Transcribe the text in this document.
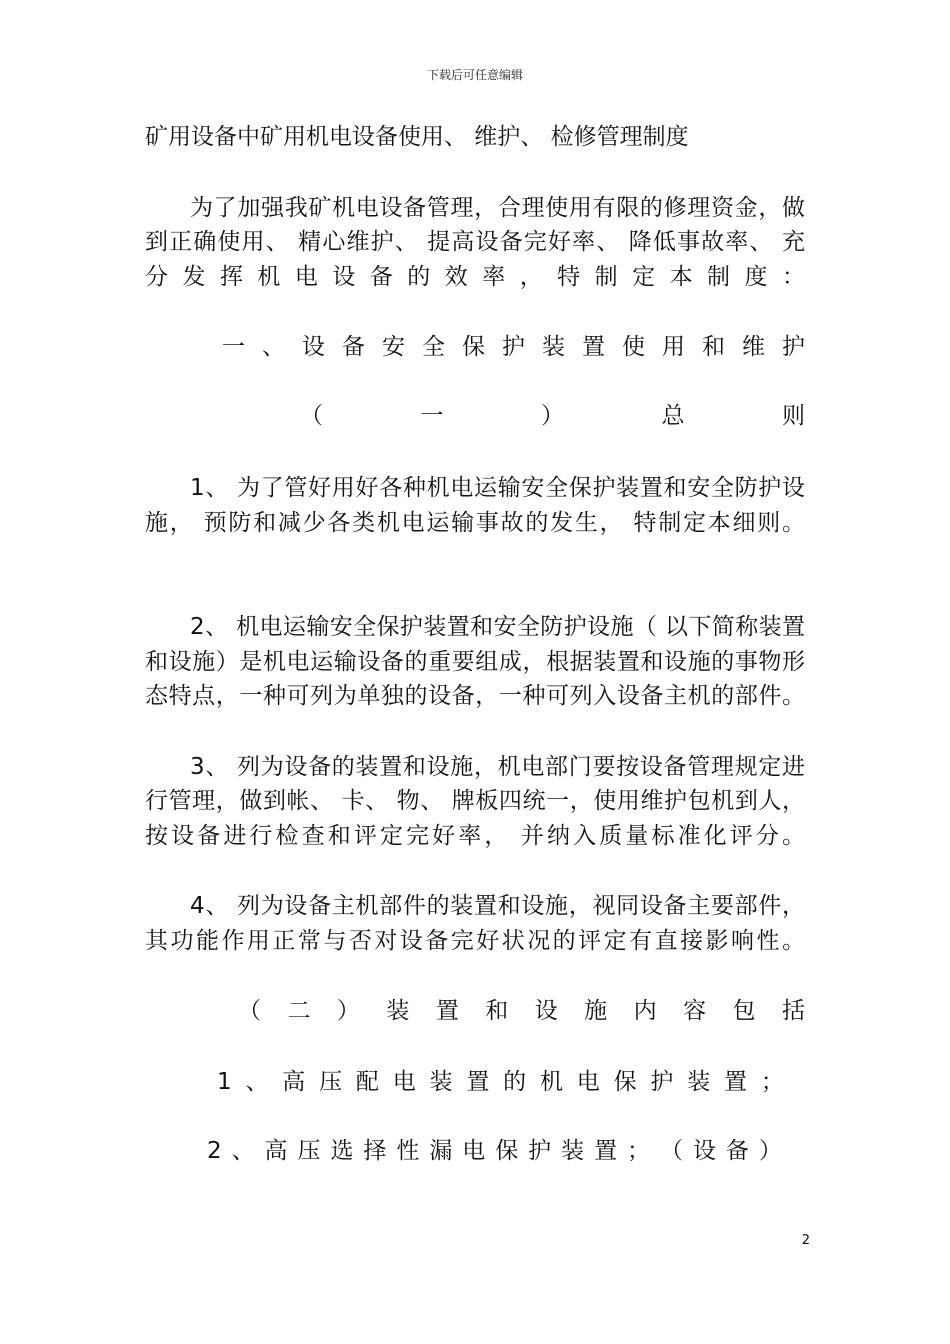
下载后可任意编辑
矿用设备中矿用机电设备使用、 维护、 检修管理制度
为了加强我矿机电设备管理，合理使用有限的修理资金，做
到正确使用、 精心维护、 提高设备完好率、 降低事故率、 充
分发挥机电设备的效率，特制定本制度：
一 、 设 备 安 全 保 护 装 置 使 用 和 维 护
（	一	）	总	则
1、 为了管好用好各种机电运输安全保护装置和安全防护设
施， 预防和减少各类机电运输事故的发生， 特制定本细则。
2、 机电运输安全保护装置和安全防护设施（ 以下简称装置
和设施）是机电运输设备的重要组成，根据装置和设施的事物形
态特点，一种可列为单独的设备，一种可列入设备主机的部件。
3、 列为设备的装置和设施，机电部门要按设备管理规定进
行管理，做到帐、 卡、 物、 牌板四统一，使用维护包机到人，
按设备进行检查和评定完好率， 并纳入质量标准化评分。
4、 列为设备主机部件的装置和设施，视同设备主要部件，
其功能作用正常与否对设备完好状况的评定有直接影响性。
（ 二 ） 装 置 和 设 施 内 容 包 括
1 、 高 压 配 电 装 置 的 机 电 保 护 装 置 ；
2 、 高 压 选 择 性 漏 电 保 护 装 置 ； （ 设 备 ）
2
